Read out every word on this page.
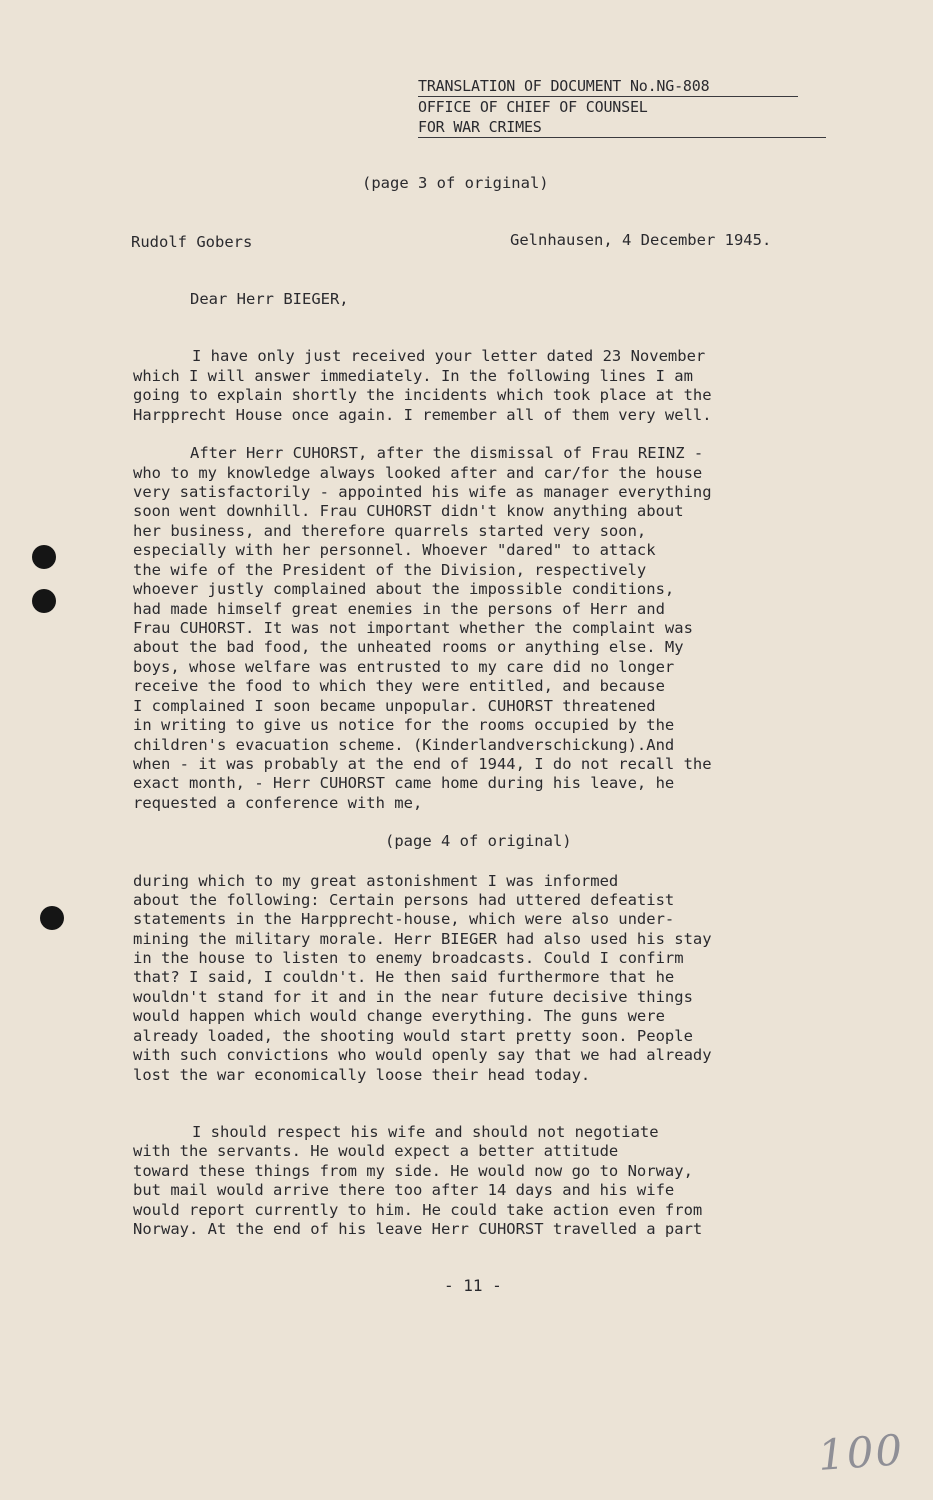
TRANSLATION OF DOCUMENT No.NG-808
OFFICE OF CHIEF OF COUNSEL
FOR WAR CRIMES
(page 3 of original)
Rudolf Gobers	Gelnhausen, 4 December 1945.
Dear Herr BIEGER,
I have only just received your letter dated 23 November
which I will answer immediately. In the following lines I am
going to explain shortly the incidents which took place at the
Harpprecht House once again. I remember all of them very well.
After Herr CUHORST, after the dismissal of Frau REINZ -
who to my knowledge always looked after and car/for the house
very satisfactorily - appointed his wife as manager everything
soon went downhill. Frau CUHORST didn't know anything about
her business, and therefore quarrels started very soon,
especially with her personnel. Whoever "dared" to attack
the wife of the President of the Division, respectively
whoever justly complained about the impossible conditions,
had made himself great enemies in the persons of Herr and
Frau CUHORST. It was not important whether the complaint was
about the bad food, the unheated rooms or anything else. My
boys, whose welfare was entrusted to my care did no longer
receive the food to which they were entitled, and because
I complained I soon became unpopular. CUHORST threatened
in writing to give us notice for the rooms occupied by the
children's evacuation scheme. (Kinderlandverschickung).And
when - it was probably at the end of 1944, I do not recall the
exact month, - Herr CUHORST came home during his leave, he
requested a conference with me,
(page 4 of original)
during which to my great astonishment I was informed
about the following: Certain persons had uttered defeatist
statements in the Harpprecht-house, which were also under-
mining the military morale. Herr BIEGER had also used his stay
in the house to listen to enemy broadcasts. Could I confirm
that? I said, I couldn't. He then said furthermore that he
wouldn't stand for it and in the near future decisive things
would happen which would change everything. The guns were
already loaded, the shooting would start pretty soon. People
with such convictions who would openly say that we had already
lost the war economically loose their head today.
I should respect his wife and should not negotiate
with the servants. He would expect a better attitude
toward these things from my side. He would now go to Norway,
but mail would arrive there too after 14 days and his wife
would report currently to him. He could take action even from
Norway. At the end of his leave Herr CUHORST travelled a part
- 11 -
100
